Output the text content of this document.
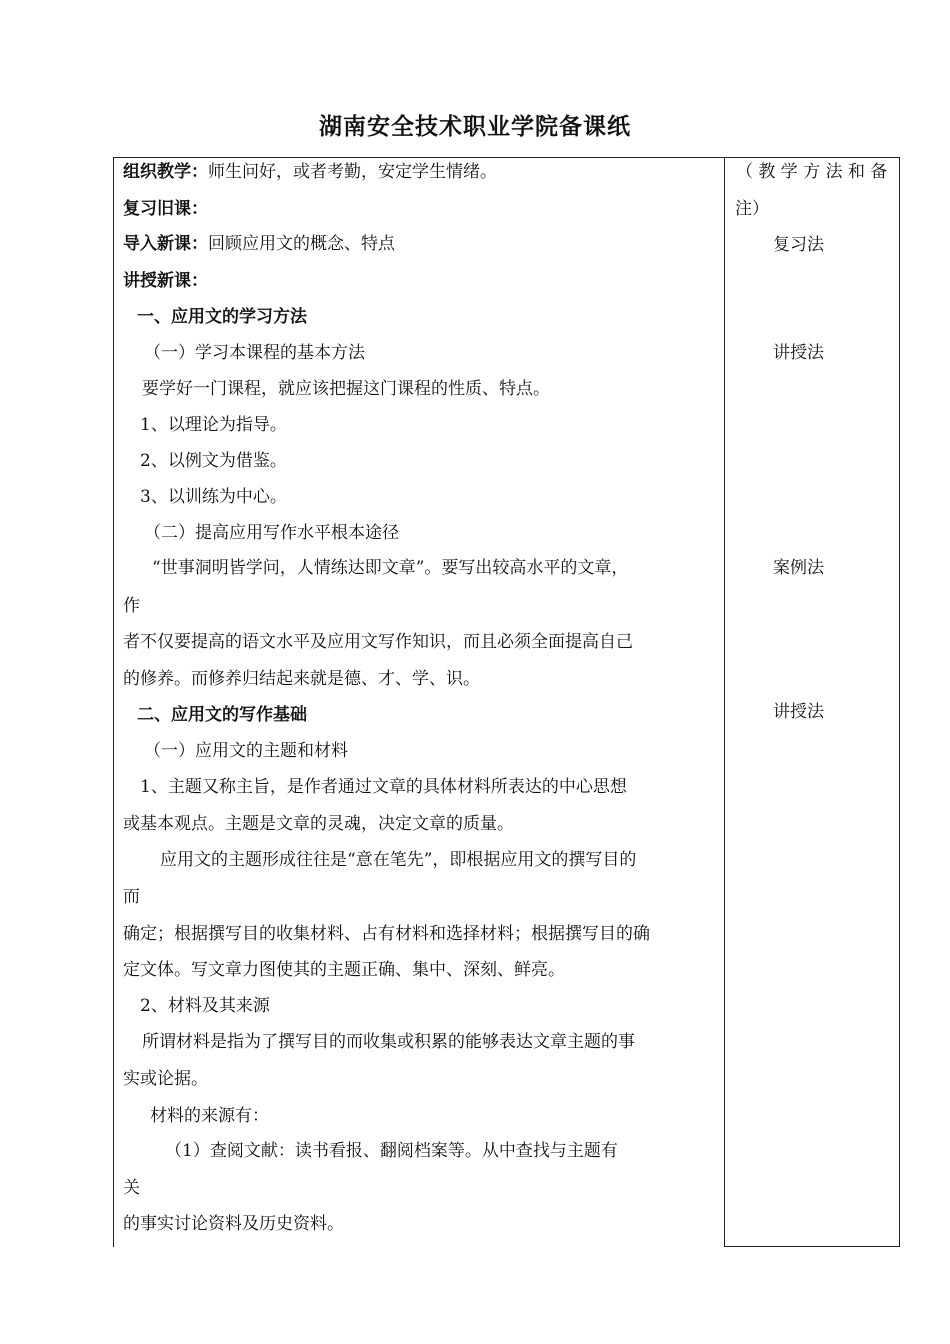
湖南安全技术职业学院备课纸
组织教学：师生问好，或者考勤，安定学生情绪。
复习旧课：
导入新课：回顾应用文的概念、特点
讲授新课：
一、应用文的学习方法
（一）学习本课程的基本方法
要学好一门课程，就应该把握这门课程的性质、特点。
1、以理论为指导。
2、以例文为借鉴。
3、以训练为中心。
（二）提高应用写作水平根本途径
“世事洞明皆学问，人情练达即文章”。要写出较高水平的文章，
作
者不仅要提高的语文水平及应用文写作知识，而且必须全面提高自己
的修养。而修养归结起来就是德、才、学、识。
二、应用文的写作基础
（一）应用文的主题和材料
1、主题又称主旨，是作者通过文章的具体材料所表达的中心思想
或基本观点。主题是文章的灵魂，决定文章的质量。
应用文的主题形成往往是“意在笔先”，即根据应用文的撰写目的
而
确定；根据撰写目的收集材料、占有材料和选择材料；根据撰写目的确
定文体。写文章力图使其的主题正确、集中、深刻、鲜亮。
2、材料及其来源
所谓材料是指为了撰写目的而收集或积累的能够表达文章主题的事
实或论据。
材料的来源有：
（1）查阅文献：读书看报、翻阅档案等。从中查找与主题有
关
的事实讨论资料及历史资料。
（ 教 学 方 法 和 备
注）
复习法
讲授法
案例法
讲授法
